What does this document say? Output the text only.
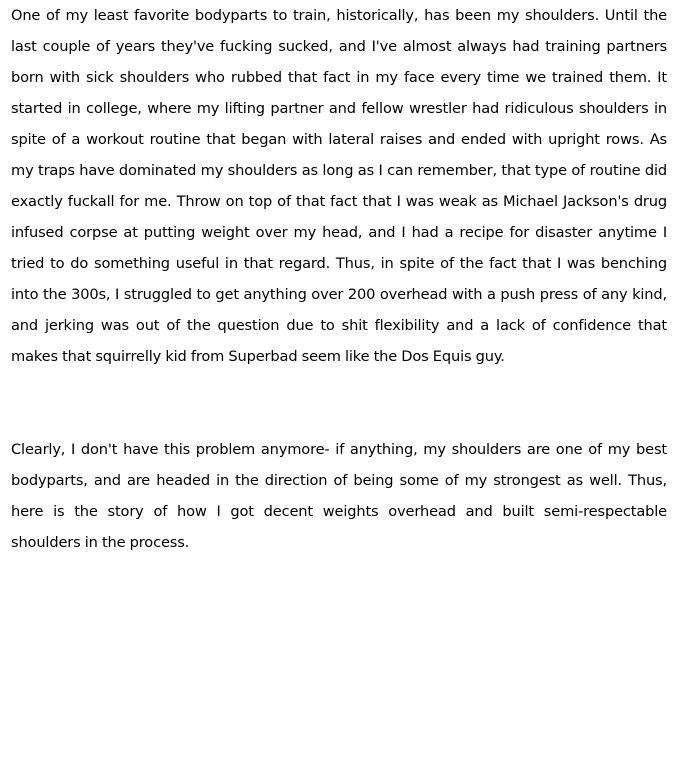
One of my least favorite bodyparts to train, historically, has been my shoulders. Until the last couple of years they've fucking sucked, and I've almost always had training partners born with sick shoulders who rubbed that fact in my face every time we trained them. It started in college, where my lifting partner and fellow wrestler had ridiculous shoulders in spite of a workout routine that began with lateral raises and ended with upright rows. As my traps have dominated my shoulders as long as I can remember, that type of routine did exactly fuckall for me. Throw on top of that fact that I was weak as Michael Jackson's drug infused corpse at putting weight over my head, and I had a recipe for disaster anytime I tried to do something useful in that regard. Thus, in spite of the fact that I was benching into the 300s, I struggled to get anything over 200 overhead with a push press of any kind, and jerking was out of the question due to shit flexibility and a lack of confidence that makes that squirrelly kid from Superbad seem like the Dos Equis guy.

Clearly, I don't have this problem anymore- if anything, my shoulders are one of my best bodyparts, and are headed in the direction of being some of my strongest as well. Thus, here is the story of how I got decent weights overhead and built semi-respectable shoulders in the process.
